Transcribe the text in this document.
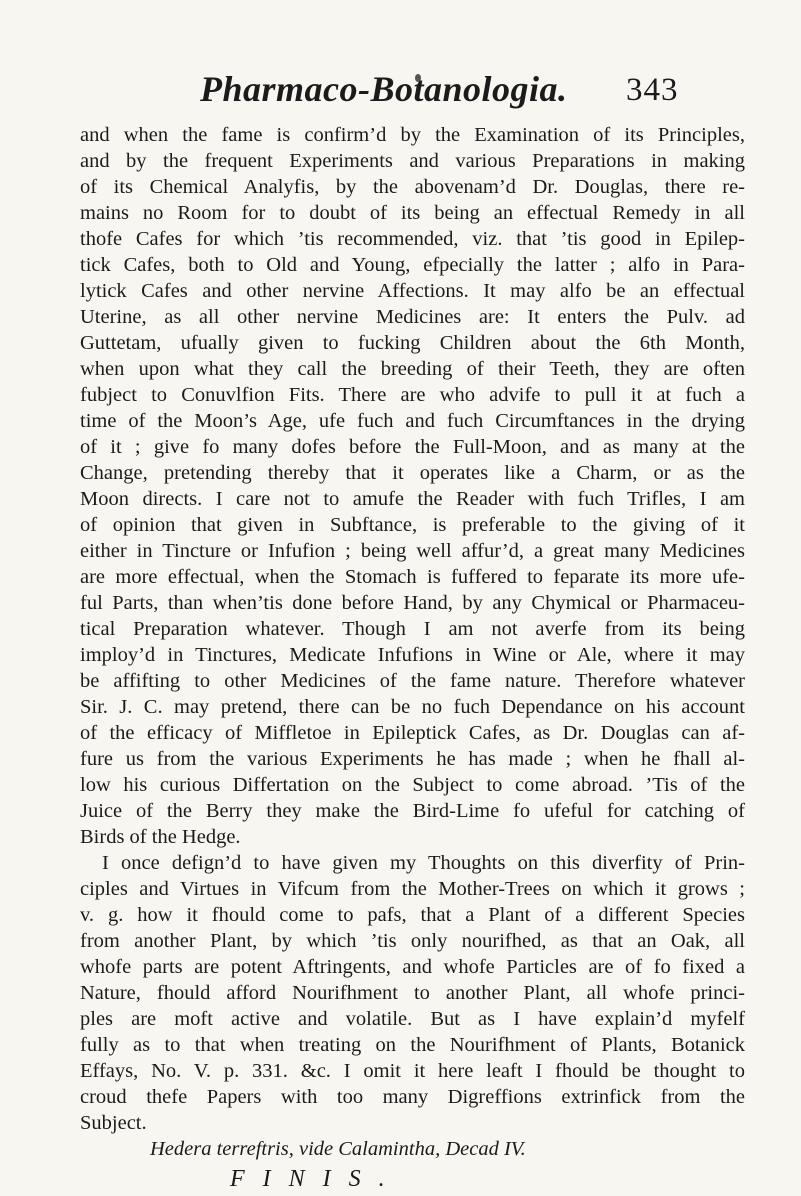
Pharmaco-Botanologia. 343
and when the fame is confirm’d by the Examination of its Principles,
and by the frequent Experiments and various Preparations in making
of its Chemical Analyfis, by the abovenam’d Dr. Douglas, there re-
mains no Room for to doubt of its being an effectual Remedy in all
thofe Cafes for which ’tis recommended, viz. that ’tis good in Epilep-
tick Cafes, both to Old and Young, efpecially the latter ; alfo in Para-
lytick Cafes and other nervine Affections. It may alfo be an effectual
Uterine, as all other nervine Medicines are: It enters the Pulv. ad
Guttetam, ufually given to fucking Children about the 6th Month,
when upon what they call the breeding of their Teeth, they are often
fubject to Conuvlfion Fits. There are who advife to pull it at fuch a
time of the Moon’s Age, ufe fuch and fuch Circumftances in the drying
of it ; give fo many dofes before the Full-Moon, and as many at the
Change, pretending thereby that it operates like a Charm, or as the
Moon directs. I care not to amufe the Reader with fuch Trifles, I am
of opinion that given in Subftance, is preferable to the giving of it
either in Tincture or Infufion ; being well affur’d, a great many Medicines
are more effectual, when the Stomach is fuffered to feparate its more ufe-
ful Parts, than when’tis done before Hand, by any Chymical or Pharmaceu-
tical Preparation whatever. Though I am not averfe from its being
imploy’d in Tinctures, Medicate Infufions in Wine or Ale, where it may
be affifting to other Medicines of the fame nature. Therefore whatever
Sir. J. C. may pretend, there can be no fuch Dependance on his account
of the efficacy of Miffletoe in Epileptick Cafes, as Dr. Douglas can af-
fure us from the various Experiments he has made ; when he fhall al-
low his curious Differtation on the Subject to come abroad. ’Tis of the
Juice of the Berry they make the Bird-Lime fo ufeful for catching of
Birds of the Hedge.
I once defign’d to have given my Thoughts on this diverfity of Prin-
ciples and Virtues in Vifcum from the Mother-Trees on which it grows ;
v. g. how it fhould come to pafs, that a Plant of a different Species
from another Plant, by which ’tis only nourifhed, as that an Oak, all
whofe parts are potent Aftringents, and whofe Particles are of fo fixed a
Nature, fhould afford Nourifhment to another Plant, all whofe princi-
ples are moft active and volatile. But as I have explain’d myfelf
fully as to that when treating on the Nourifhment of Plants, Botanick
Effays, No. V. p. 331. &c. I omit it here leaft I fhould be thought to
croud thefe Papers with too many Digreffions extrinfick from the
Subject.
Hedera terreftris, vide Calamintha, Decad IV.
FINIS.
